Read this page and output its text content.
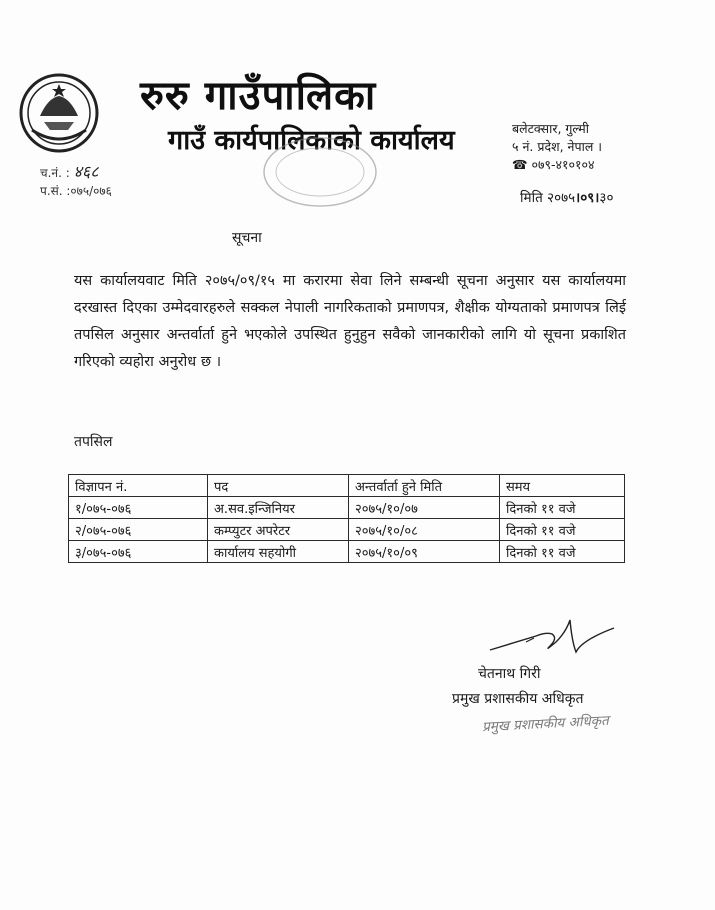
रुरु गाउँपालिका
गाउँ कार्यपालिकाको कार्यालय	बलेटक्सार, गुल्मी
५ नं. प्रदेश, नेपाल ।
☎ ०७९-४१०१०४
च.नं. : ४६८
प.सं. :०७५/०७६	मिति २०७५।०९।३०
सूचना
यस कार्यालयवाट मिति २०७५/०९/१५ मा करारमा सेवा लिने सम्बन्धी सूचना अनुसार यस कार्यालयमा दरखास्त दिएका उम्मेदवारहरुले सक्कल नेपाली नागरिकताको प्रमाणपत्र, शैक्षीक योग्यताको प्रमाणपत्र लिई तपसिल अनुसार अन्तर्वार्ता हुने भएकोले उपस्थित हुनुहुन सवैको जानकारीको लागि यो सूचना प्रकाशित गरिएको व्यहोरा अनुरोध छ ।
तपसिल
विज्ञापन नं.	पद	अन्तर्वार्ता हुने मिति	समय
१/०७५-०७६	अ.सव.इन्जिनियर	२०७५/१०/०७	दिनको ११ वजे
२/०७५-०७६	कम्प्युटर अपरेटर	२०७५/१०/०८	दिनको ११ वजे
३/०७५-०७६	कार्यालय सहयोगी	२०७५/१०/०९	दिनको ११ वजे
चेतनाथ गिरी
प्रमुख प्रशासकीय अधिकृत
प्रमुख प्रशासकीय अधिकृत
